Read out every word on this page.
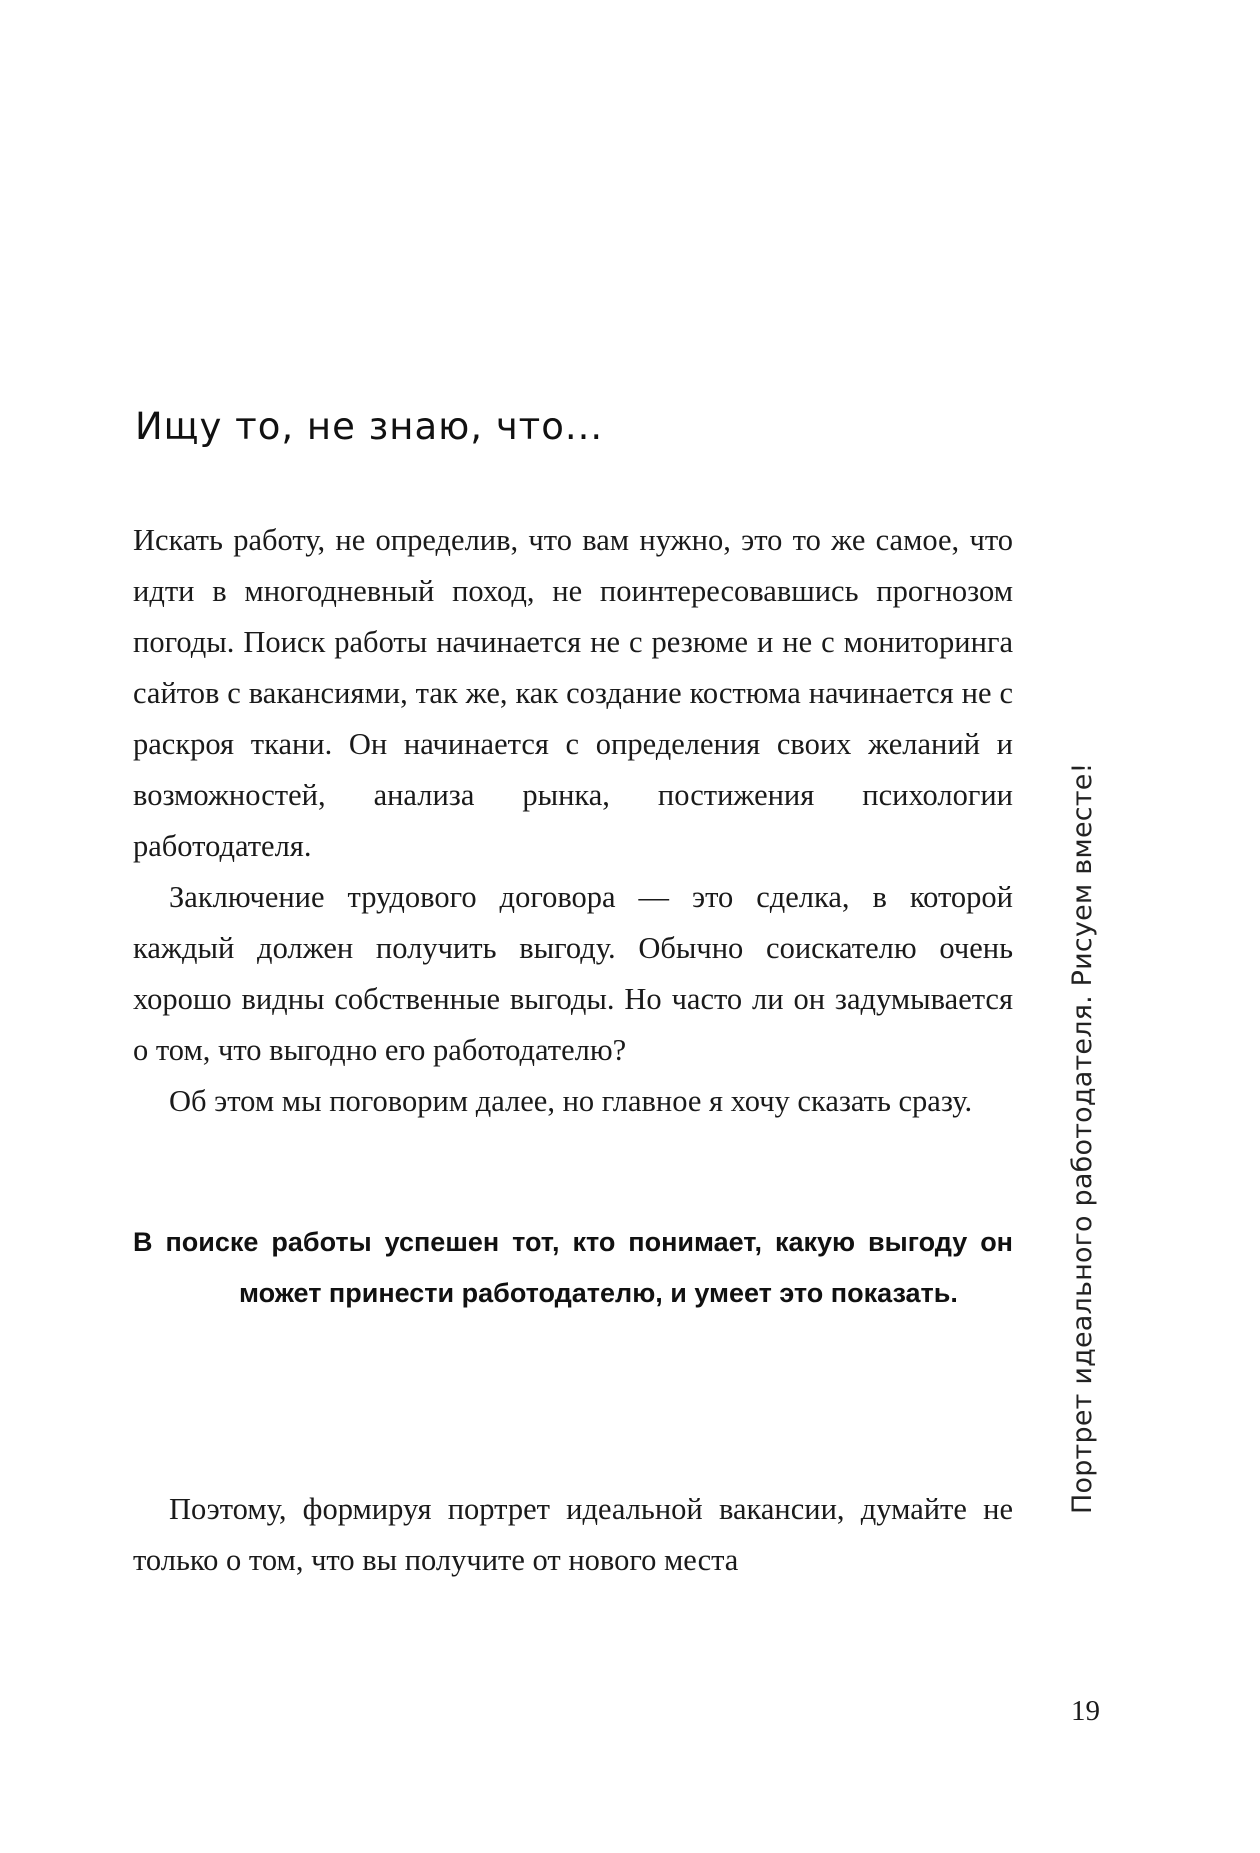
Ищу то, не знаю, что...

Искать работу, не определив, что вам нужно, это то же самое, что идти в многодневный поход, не поинтересовавшись прогнозом погоды. Поиск работы начинается не с резюме и не с мониторинга сайтов с вакансиями, так же, как создание костюма начинается не с раскроя ткани. Он начинается с определения своих желаний и возможностей, анализа рынка, постижения психологии работодателя.

Заключение трудового договора — это сделка, в которой каждый должен получить выгоду. Обычно соискателю очень хорошо видны собственные выгоды. Но часто ли он задумывается о том, что выгодно его работодателю?

Об этом мы поговорим далее, но главное я хочу сказать сразу.

В поиске работы успешен тот, кто понимает, какую выгоду он может принести работодателю, и умеет это показать.

Поэтому, формируя портрет идеальной вакансии, думайте не только о том, что вы получите от нового места

Портрет идеального работодателя. Рисуем вместе!
19
